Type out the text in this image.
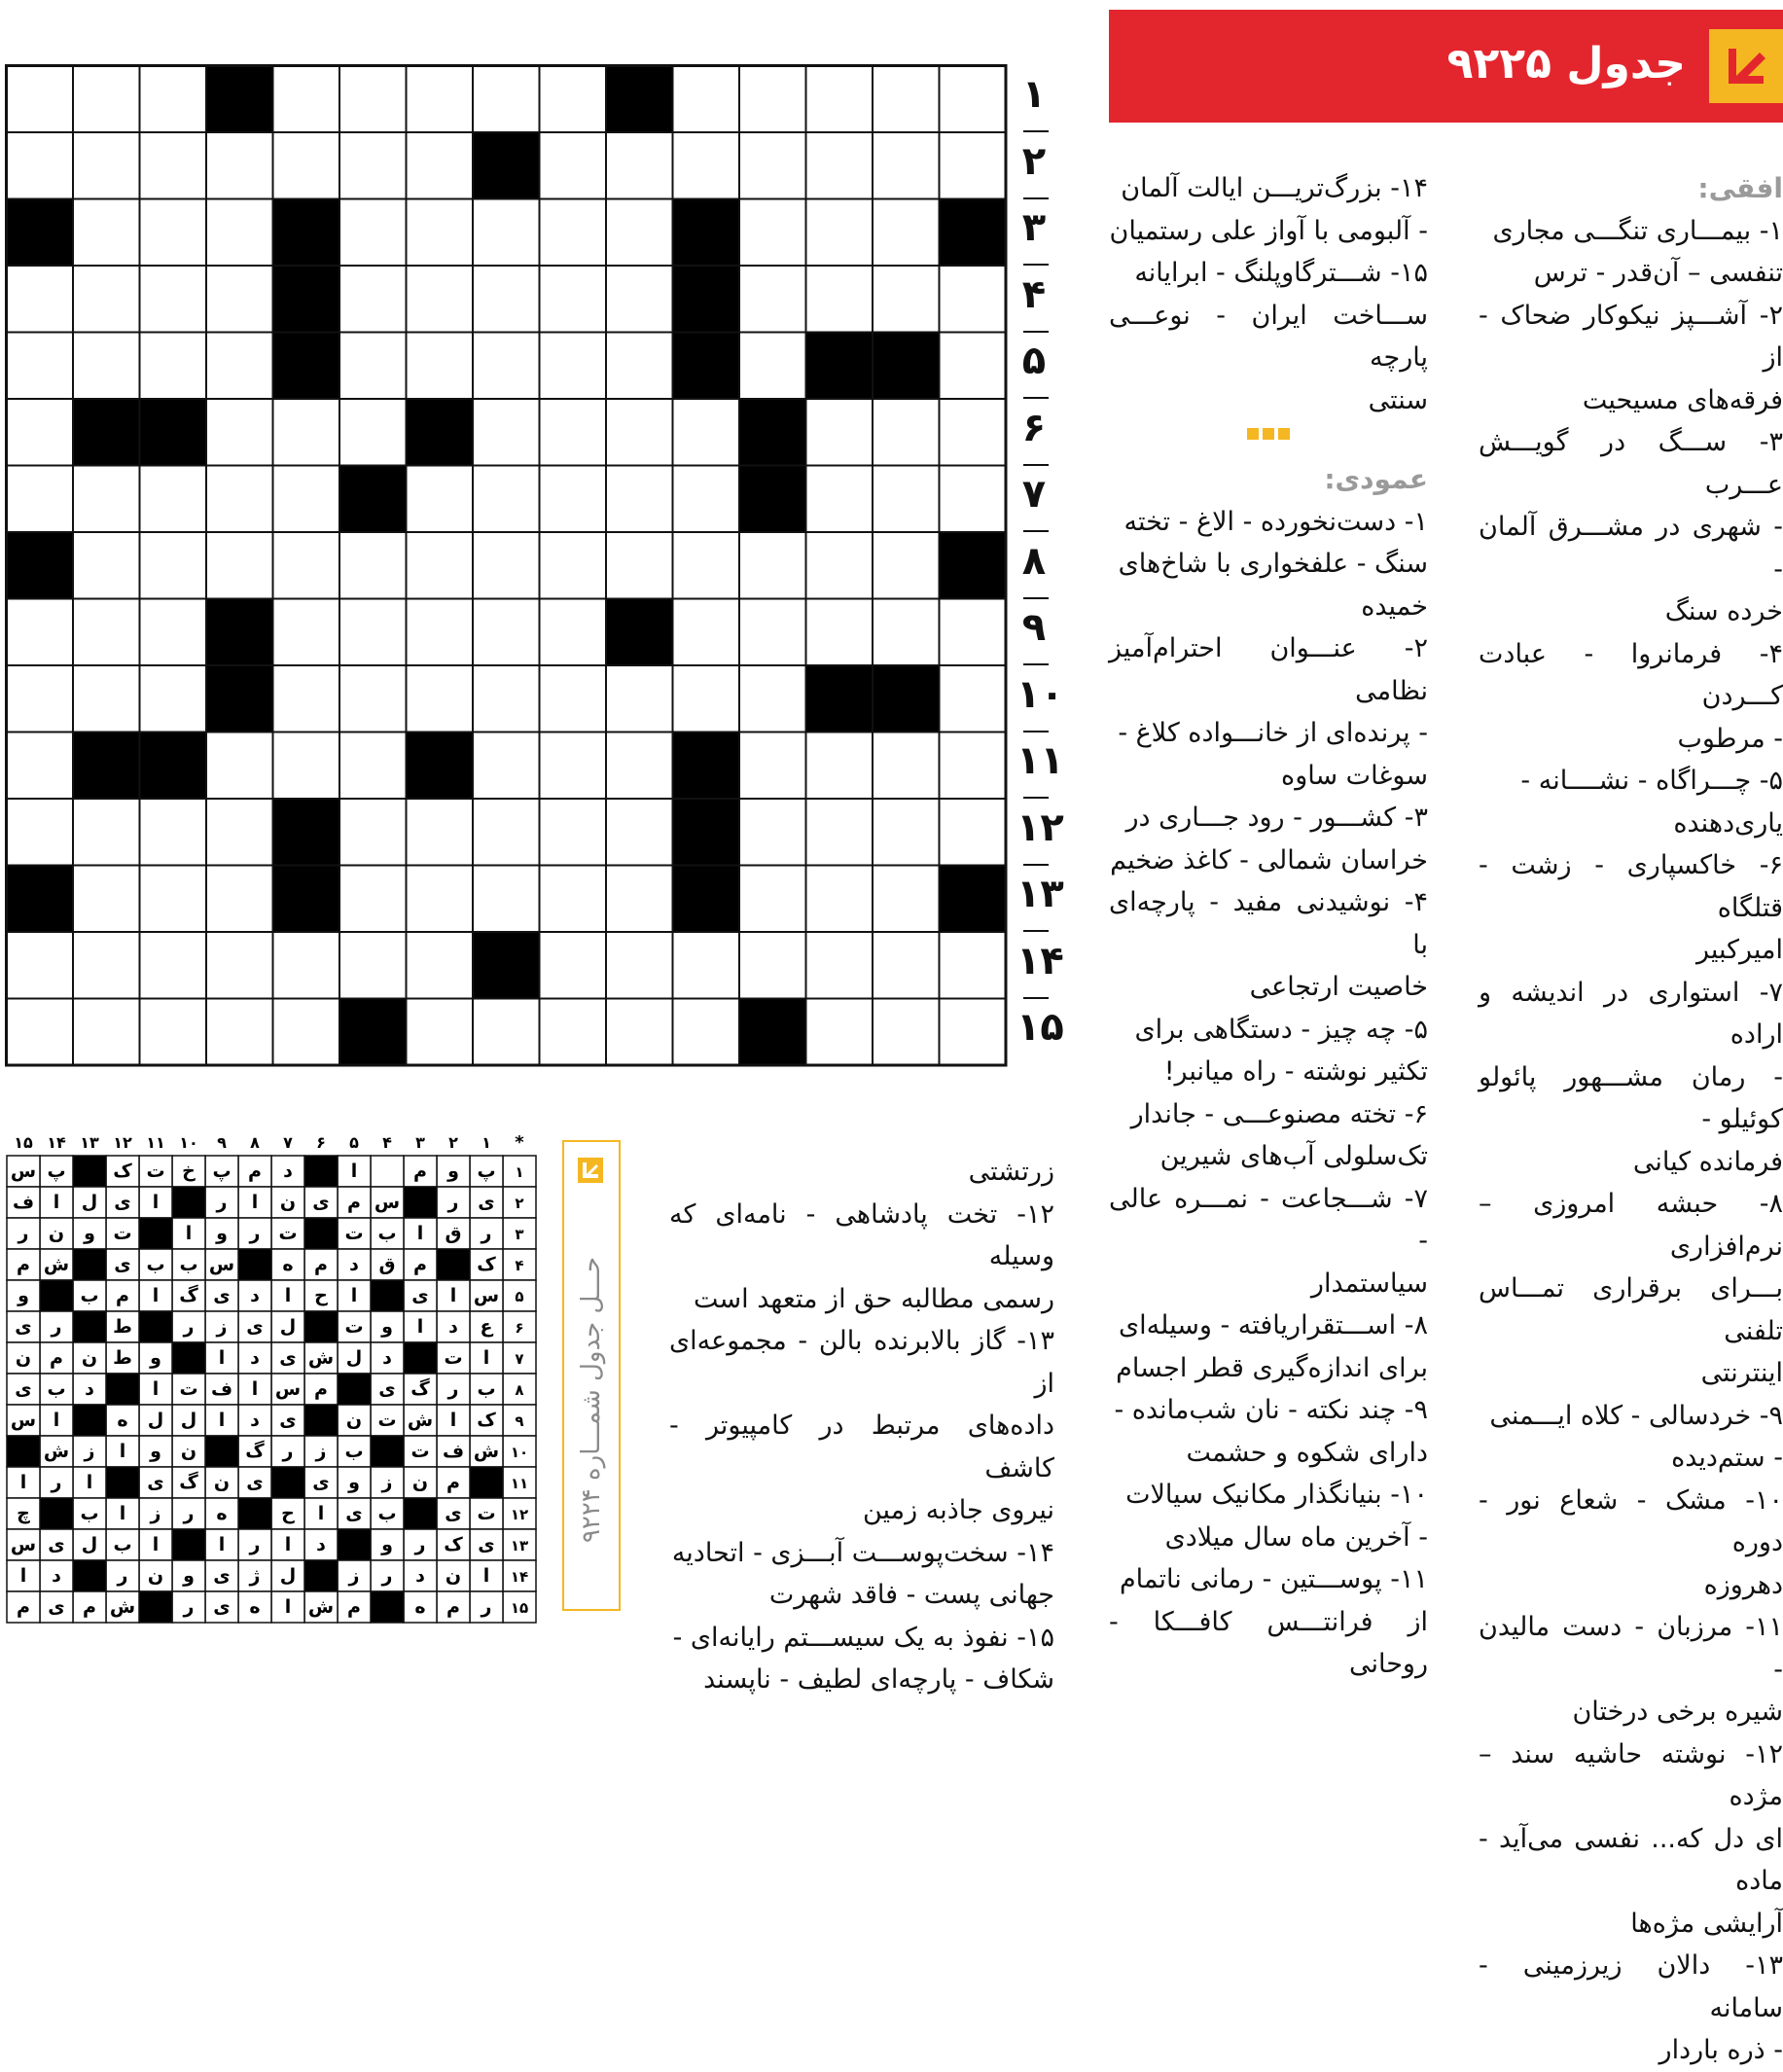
جدول ۹۲۲۵
۱
۲
۳
۴
۵
۶
۷
۸
۹
۱۰
۱۱
۱۲
۱۳
۱۴
۱۵

افقی:

۱- بیمـــاری تنگـــی مجاری

تنفسی – آن‌قدر - ترس

۲- آشـــپز نیکوکار ضحاک - از

فرقه‌های مسیحیت

۳- ســـگ در گویـــش عـــرب

- شهری در مشـــرق آلمان -

خرده سنگ

۴- فرمانروا - عبادت کـــردن

- مرطوب

۵- چـــراگاه - نشــــانه -

یاری‌دهنده

۶- خاکسپاری - زشت - قتلگاه

امیرکبیر

۷- استواری در اندیشه و اراده

- رمان مشـــهور پائولو کوئیلو -

فرمانده کیانی

۸- حبشه امروزی – نرم‌افزاری

بـــرای برقراری تمـــاس تلفنی

اینترنتی

۹- خردسالی - کلاه ایـــمنی

- ستم‌دیده

۱۰- مشک - شعاع نور - دوره

دهروزه

۱۱- مرزبان - دست مالیدن -

شیره برخی درختان

۱۲- نوشته حاشیه سند – مژده

ای دل که... نفسی می‌آید - ماده

آرایشی مژه‌ها

۱۳- دالان زیرزمینی - سامانه

- ذره باردار

۱۴- بزرگ‌تریـــن ایالت آلمان

- آلبومی با آواز علی رستمیان

۱۵- شـــترگاوپلنگ - ابرایانه

ســـاخت ایران - نوعـــی پارچه

سنتی

عمودی:

۱- دست‌نخورده - الاغ - تخته

سنگ - علفخواری با شاخ‌های

خمیده

۲- عنـــوان احترام‌آمیز نظامی

- پرنده‌ای از خانـــواده کلاغ -

سوغات ساوه

۳- کشـــور - رود جـــاری در

خراسان شمالی - کاغذ ضخیم

۴- نوشیدنی مفید - پارچه‌ای با

خاصیت ارتجاعی

۵- چه چیز - دستگاهی برای

تکثیر نوشته - راه میانبر!

۶- تخته مصنوعـــی - جاندار

تک‌سلولی آب‌های شیرین

۷- شـــجاعت - نمـــره عالی -

سیاستمدار

۸- اســـتقراریافته - وسیله‌ای

برای اندازه‌گیری قطر اجسام

۹- چند نکته - نان شب‌مانده -

دارای شکوه و حشمت

۱۰- بنیانگذار مکانیک سیالات

- آخرین ماه سال میلادی

۱۱- پوســـتین - رمانی ناتمام

از فرانتـــس کافـــکا - روحانی

زرتشتی

۱۲- تخت پادشاهی - نامه‌ای که وسیله

رسمی مطالبه حق از متعهد است

۱۳- گاز بالابرنده بالن - مجموعه‌ای از

داده‌های مرتبط در کامپیوتر - کاشف

نیروی جاذبه زمین

۱۴- سخت‌پوســـت آبـــزی - اتحادیه

جهانی پست - فاقد شهرت

۱۵- نفوذ به یک سیســـتم رایانه‌ای -

شکاف - پارچه‌ای لطیف - ناپسند

حـــل جدول شمـــاره ۹۲۲۴
*
۱
۲
۳
۴
۵
۶
۷
۸
۹
۱۰
۱۱
۱۲
۱۳
۱۴
۱۵
۱
پ
و
م
ا
د
م
پ
خ
ت
ک
پ
س
۲
ی
ر
س
م
ی
ن
ا
ر
ا
ی
ل
ا
ف
۳
ر
ق
ا
ب
ت
ت
ر
و
ا
ت
و
ن
ر
۴
ک
م
ق
د
م
ه
س
ب
ب
ی
ش
م
۵
س
ا
ی
ا
ح
ا
د
ی
گ
ا
م
ب
و
۶
ع
د
ا
و
ت
ل
ی
ز
ر
ط
ر
ی
۷
ا
ت
د
ل
ش
ی
د
ا
و
ط
ن
م
ن
۸
ب
ر
گ
ی
م
س
ا
ف
ت
ا
د
ب
ی
۹
ک
ا
ش
ت
ن
ی
د
ا
ل
ل
ه
ا
س
۱۰
ش
ف
ت
ب
ز
ر
گ
ن
و
ا
ز
ش
۱۱
م
ن
ز
و
ی
ی
ن
گ
ی
ا
ر
ا
۱۲
ت
ی
ب
ی
ا
ح
ه
ر
ز
ا
ب
چ
۱۳
ی
ک
ر
و
د
ا
ر
ا
ا
ب
ل
ی
س
۱۴
ا
ن
د
ر
ز
ل
ژ
ی
و
ن
ر
د
ا
۱۵
ر
م
ه
م
ش
ا
ه
ی
ر
ش
م
ی
م
